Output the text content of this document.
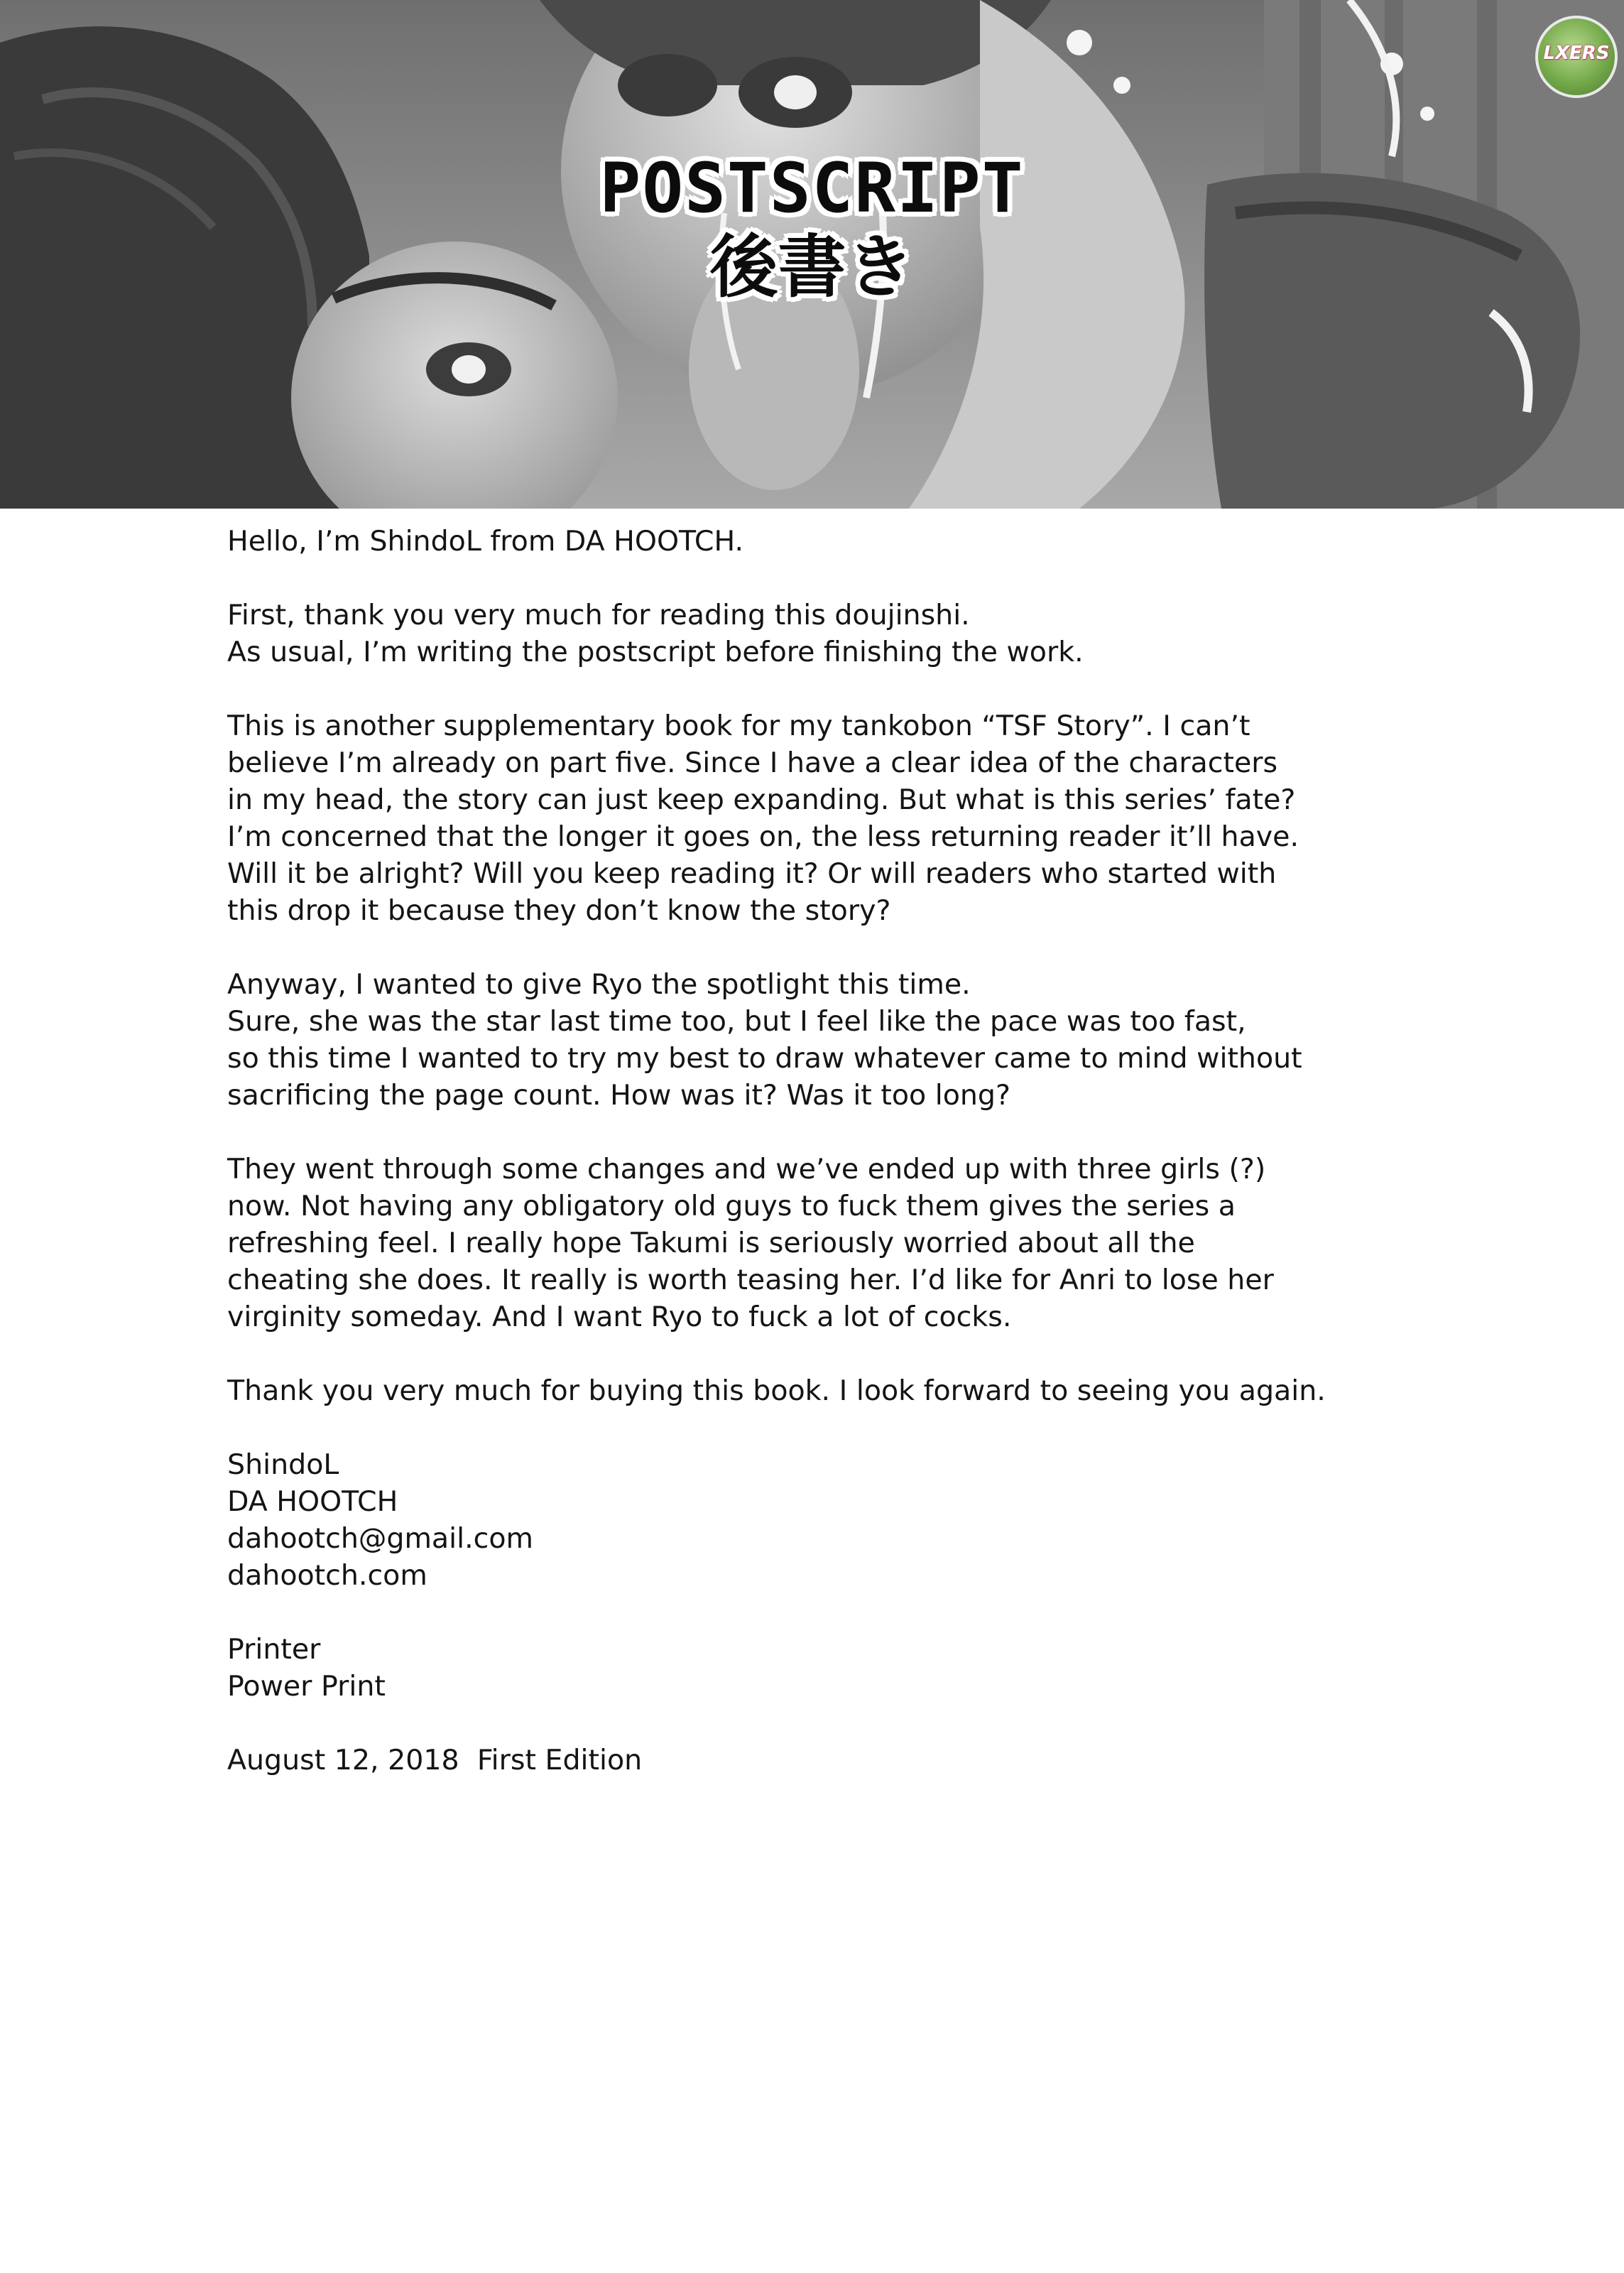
POSTSCRIPT
後書き
LXERS

Hello, I’m ShindoL from DA HOOTCH.

First, thank you very much for reading this doujinshi.
As usual, I’m writing the postscript before finishing the work.

This is another supplementary book for my tankobon “TSF Story”. I can’t
believe I’m already on part five. Since I have a clear idea of the characters
in my head, the story can just keep expanding. But what is this series’ fate?
I’m concerned that the longer it goes on, the less returning reader it’ll have.
Will it be alright? Will you keep reading it? Or will readers who started with
this drop it because they don’t know the story?

Anyway, I wanted to give Ryo the spotlight this time.
Sure, she was the star last time too, but I feel like the pace was too fast,
so this time I wanted to try my best to draw whatever came to mind without
sacrificing the page count. How was it? Was it too long?

They went through some changes and we’ve ended up with three girls (?)
now. Not having any obligatory old guys to fuck them gives the series a
refreshing feel. I really hope Takumi is seriously worried about all the
cheating she does. It really is worth teasing her. I’d like for Anri to lose her
virginity someday. And I want Ryo to fuck a lot of cocks.

Thank you very much for buying this book. I look forward to seeing you again.

ShindoL
DA HOOTCH
dahootch@gmail.com
dahootch.com

Printer
Power Print

August 12, 2018 First Edition
